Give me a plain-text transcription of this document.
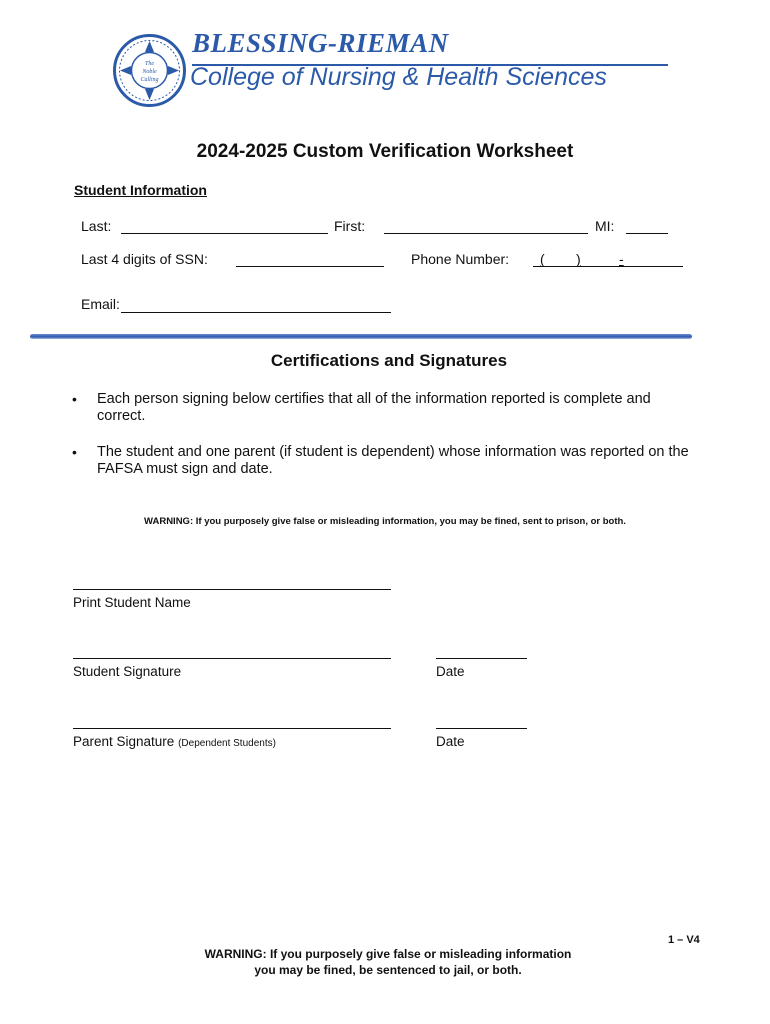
The
Noble
Calling
BLESSING-RIEMAN
College of Nursing & Health Sciences
2024-2025 Custom Verification Worksheet
Student Information
Last:	First:	MI:
Last 4 digits of SSN:	Phone Number: ( )	-
Email:
Certifications and Signatures
• Each person signing below certifies that all of the information reported is complete and correct.
• The student and one parent (if student is dependent) whose information was reported on the FAFSA must sign and date.
WARNING: If you purposely give false or misleading information, you may be fined, sent to prison, or both.
Print Student Name
Student Signature	Date
Parent Signature (Dependent Students)	Date
1 – V4
WARNING: If you purposely give false or misleading information
you may be fined, be sentenced to jail, or both.
